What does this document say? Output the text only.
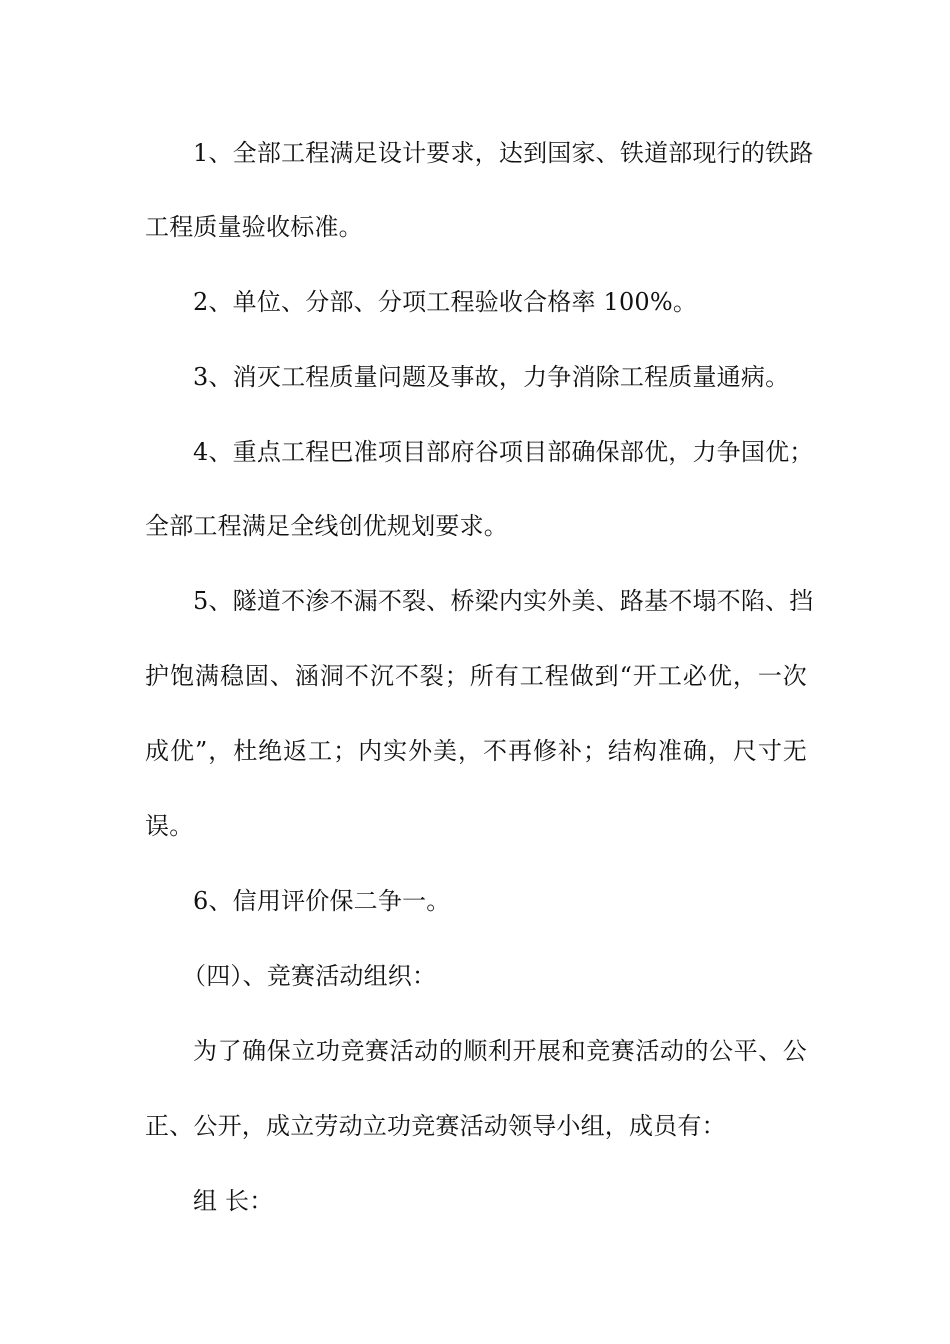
1、全部工程满足设计要求，达到国家、铁道部现行的铁路
工程质量验收标准。
2、单位、分部、分项工程验收合格率 100%。
3、消灭工程质量问题及事故，力争消除工程质量通病。
4、重点工程巴准项目部府谷项目部确保部优，力争国优；
全部工程满足全线创优规划要求。
5、隧道不渗不漏不裂、桥梁内实外美、路基不塌不陷、挡
护饱满稳固、涵洞不沉不裂；所有工程做到“开工必优，一次
成优”，杜绝返工；内实外美，不再修补；结构准确，尺寸无
误。
6、信用评价保二争一。
（四）、竞赛活动组织：
为了确保立功竞赛活动的顺利开展和竞赛活动的公平、公
正、公开，成立劳动立功竞赛活动领导小组，成员有：
组 长：
